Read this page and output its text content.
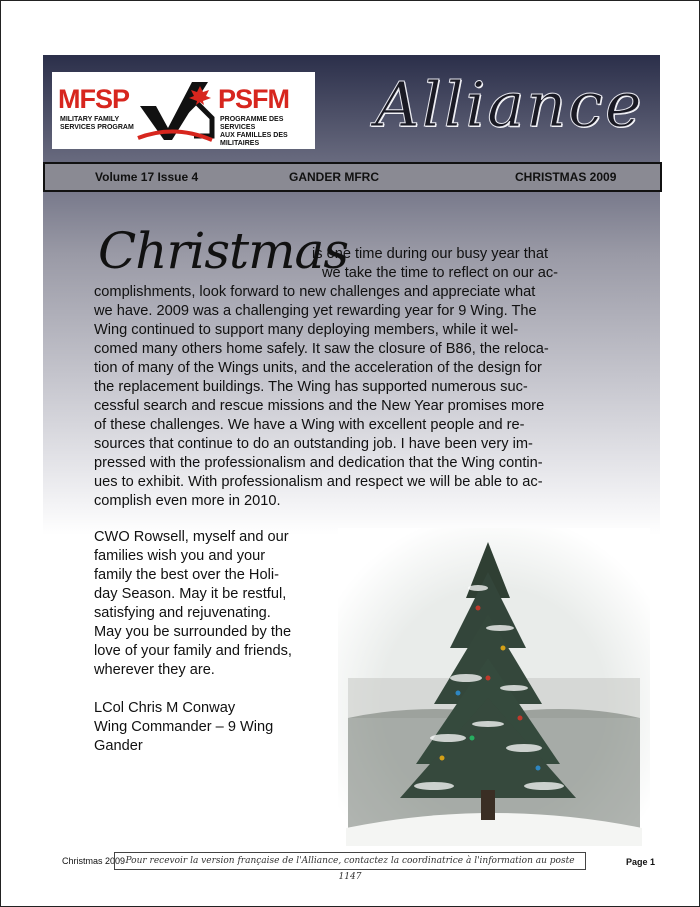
MFSP
MILITARY FAMILY
SERVICES PROGRAM
PSFM
PROGRAMME DES SERVICES
AUX FAMILLES DES MILITAIRES
Alliance
Volume 17 Issue 4	GANDER MFRC	CHRISTMAS 2009
Christmas
is one time during our busy year that
we take the time to reflect on our ac-
complishments, look forward to new challenges and appreciate what
we have. 2009 was a challenging yet rewarding year for 9 Wing. The
Wing continued to support many deploying members, while it wel-
comed many others home safely. It saw the closure of B86, the reloca-
tion of many of the Wings units, and the acceleration of the design for
the replacement buildings. The Wing has supported numerous suc-
cessful search and rescue missions and the New Year promises more
of these challenges. We have a Wing with excellent people and re-
sources that continue to do an outstanding job. I have been very im-
pressed with the professionalism and dedication that the Wing contin-
ues to exhibit. With professionalism and respect we will be able to ac-
complish even more in 2010.
CWO Rowsell, myself and our
families wish you and your
family the best over the Holi-
day Season. May it be restful,
satisfying and rejuvenating.
May you be surrounded by the
love of your family and friends,
wherever they are.
LCol Chris M Conway
Wing Commander – 9 Wing
Gander
Christmas 2009 Pour recevoir la version française de l'Alliance, contactez la coordinatrice à l'information au poste 1147
Page 1
